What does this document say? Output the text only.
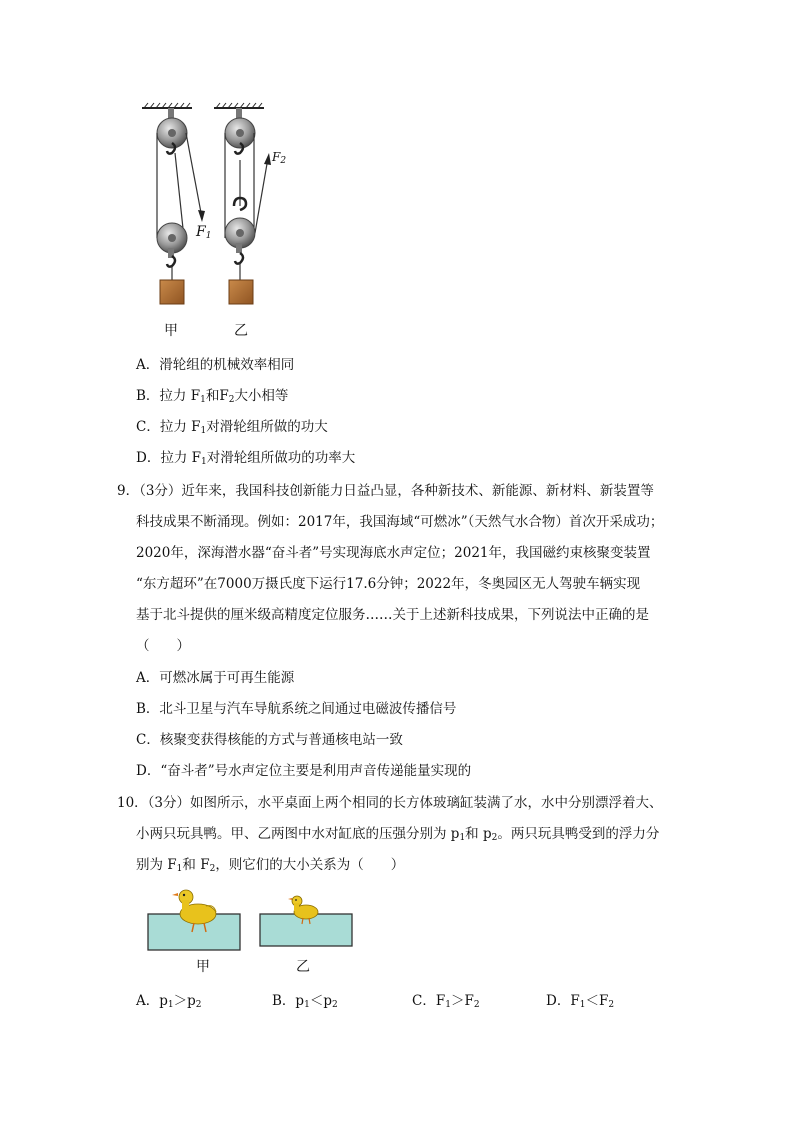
$F_1$
$F_2$
甲	乙
A．滑轮组的机械效率相同
B．拉力 $F_1$和$F_2$大小相等
C．拉力 $F_1$对滑轮组所做的功大
D．拉力 $F_1$对滑轮组所做功的功率大
9．（3分）近年来，我国科技创新能力日益凸显，各种新技术、新能源、新材料、新装置等
科技成果不断涌现。例如：2017年，我国海域“可燃冰”（天然气水合物）首次开采成功；
2020年，深海潜水器“奋斗者”号实现海底水声定位；2021年，我国磁约束核聚变装置
“东方超环”在7000万摄氏度下运行17.6分钟；2022年，冬奥园区无人驾驶车辆实现
基于北斗提供的厘米级高精度定位服务……关于上述新科技成果，下列说法中正确的是
（　　）
A．可燃冰属于可再生能源
B．北斗卫星与汽车导航系统之间通过电磁波传播信号
C．核聚变获得核能的方式与普通核电站一致
D．“奋斗者”号水声定位主要是利用声音传递能量实现的
10．（3分）如图所示，水平桌面上两个相同的长方体玻璃缸装满了水，水中分别漂浮着大、
小两只玩具鸭。甲、乙两图中水对缸底的压强分别为 $p_1$和 $p_2$。两只玩具鸭受到的浮力分
别为 $F_1$和 $F_2$，则它们的大小关系为（　　）
甲	乙
A．$p_1>p_2$	B．$p_1<p_2$	C．$F_1>F_2$	D．$F_1<F_2$
